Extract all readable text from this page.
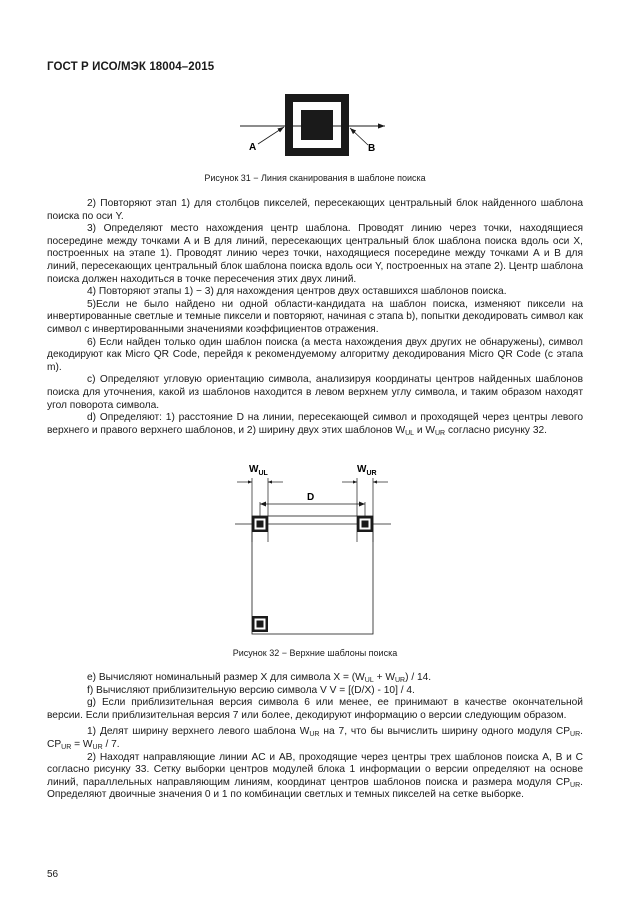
ГОСТ Р ИСО/МЭК 18004–2015
A	B
Рисунок 31 − Линия сканирования в шаблоне поиска

2) Повторяют этап 1) для столбцов пикселей, пересекающих центральный блок найденного шаблона поиска по оси Y.

3) Определяют место нахождения центр шаблона. Проводят линию через точки, находящиеся посередине между точками A и B для линий, пересекающих центральный блок шаблона поиска вдоль оси X, построенных на этапе 1). Проводят линию через точки, находящиеся посередине между точками A и B для линий, пересекающих центральный блок шаблона поиска вдоль оси Y, построенных на этапе 2). Центр шаблона поиска должен находиться в точке пересечения этих двух линий.

4) Повторяют этапы 1) − 3) для нахождения центров двух оставшихся шаблонов поиска.

5)Если не было найдено ни одной области-кандидата на шаблон поиска, изменяют пиксели на инвертированные светлые и темные пиксели и повторяют, начиная с этапа b), попытки декодировать символ как символ с инвертированными значениями коэффициентов отражения.

6) Если найден только один шаблон поиска (а места нахождения двух других не обнаружены), символ декодируют как Micro QR Code, перейдя к рекомендуемому алгоритму декодирования Micro QR Code (с этапа m).

c) Определяют угловую ориентацию символа, анализируя координаты центров найденных шаблонов поиска для уточнения, какой из шаблонов находится в левом верхнем углу символа, и таким образом находят угол поворота символа.

d) Определяют: 1) расстояние D на линии, пересекающей символ и проходящей через центры левого верхнего и правого верхнего шаблонов, и 2) ширину двух этих шаблонов $W_{UL}$ и $W_{UR}$ согласно рисунку 32.

$W_{UL}$	$W_{UR}$
D
Рисунок 32 − Верхние шаблоны поиска

e) Вычисляют номинальный размер X для символа $X = (W_{UL} + W_{UR}) / 14$.

f) Вычисляют приблизительную версию символа V V = [(D/X) - 10] / 4.

g) Если приблизительная версия символа 6 или менее, ее принимают в качестве окончательной версии. Если приблизительная версия 7 или более, декодируют информацию о версии следующим образом.

1) Делят ширину верхнего левого шаблона $W_{UR}$ на 7, что бы вычислить ширину одного модуля $CP_{UR}$. $CP_{UR} = W_{UR} / 7$.

2) Находят направляющие линии AC и AB, проходящие через центры трех шаблонов поиска A, B и C согласно рисунку 33. Сетку выборки центров модулей блока 1 информации о версии определяют на основе линий, параллельных направляющим линиям, координат центров шаблонов поиска и размера модуля $CP_{UR}$. Определяют двоичные значения 0 и 1 по комбинации светлых и темных пикселей на сетке выборке.

56
